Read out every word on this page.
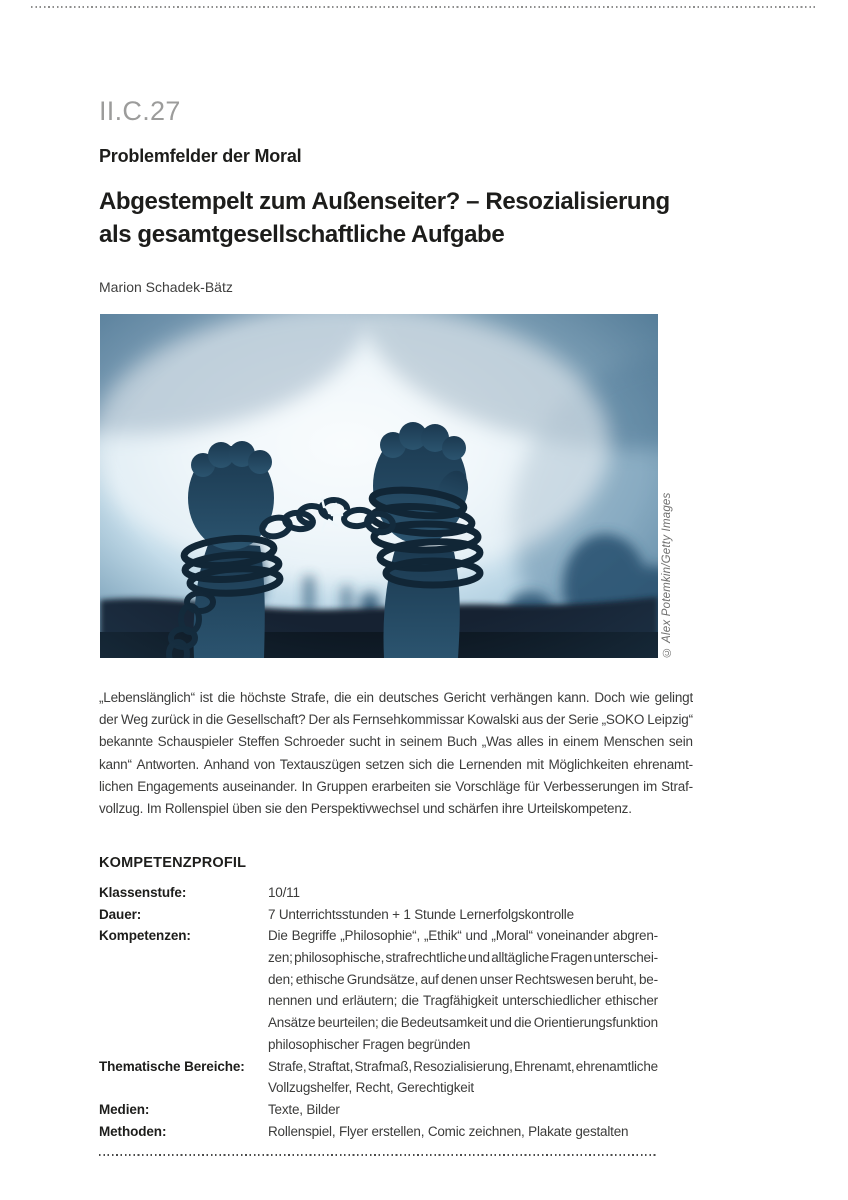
II.C.27
Problemfelder der Moral
Abgestempelt zum Außenseiter? – Resozialisierung
als gesamtgesellschaftliche Aufgabe
Marion Schadek-Bätz
© Alex Potemkin/Getty Images
„Lebenslänglich“ ist die höchste Strafe, die ein deutsches Gericht verhängen kann. Doch wie gelingt
der Weg zurück in die Gesellschaft? Der als Fernsehkommissar Kowalski aus der Serie „SOKO Leipzig“
bekannte Schauspieler Steffen Schroeder sucht in seinem Buch „Was alles in einem Menschen sein
kann“ Antworten. Anhand von Textauszügen setzen sich die Lernenden mit Möglichkeiten ehrenamt-
lichen Engagements auseinander. In Gruppen erarbeiten sie Vorschläge für Verbesserungen im Straf-
vollzug. Im Rollenspiel üben sie den Perspektivwechsel und schärfen ihre Urteilskompetenz.
KOMPETENZPROFIL
Klassenstufe:	10/11
Dauer:	7 Unterrichtsstunden + 1 Stunde Lernerfolgskontrolle
Kompetenzen:	Die Begriffe „Philosophie“, „Ethik“ und „Moral“ voneinander abgren-
zen; philosophische, strafrechtliche und alltägliche Fragen unterschei-
den; ethische Grundsätze, auf denen unser Rechtswesen beruht, be-
nennen und erläutern; die Tragfähigkeit unterschiedlicher ethischer
Ansätze beurteilen; die Bedeutsamkeit und die Orientierungsfunktion
philosophischer Fragen begründen
Thematische Bereiche:	Strafe, Straftat, Strafmaß, Resozialisierung, Ehrenamt, ehrenamtliche
Vollzugshelfer, Recht, Gerechtigkeit
Medien:	Texte, Bilder
Methoden:	Rollenspiel, Flyer erstellen, Comic zeichnen, Plakate gestalten
